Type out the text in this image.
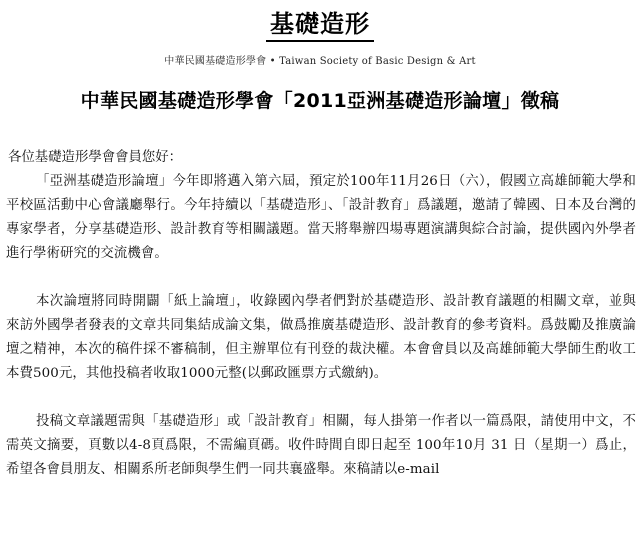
基礎造形
中華民國基礎造形學會 • Taiwan Society of Basic Design & Art
中華民國基礎造形學會「2011亞洲基礎造形論壇」徵稿

各位基礎造形學會會員您好：

「亞洲基礎造形論壇」今年即將邁入第六屆，預定於100年11月26日（六），假國立高雄師範大學和平校區活動中心會議廳舉行。今年持續以「基礎造形」、「設計教育」爲議題，邀請了韓國、日本及台灣的專家學者，分享基礎造形、設計教育等相關議題。當天將舉辦四場專題演講與綜合討論，提供國內外學者進行學術研究的交流機會。

本次論壇將同時開闢「紙上論壇」，收錄國內學者們對於基礎造形、設計教育議題的相關文章，並與來訪外國學者發表的文章共同集結成論文集，做爲推廣基礎造形、設計教育的參考資料。爲鼓勵及推廣論壇之精神，本次的稿件採不審稿制，但主辦單位有刊登的裁決權。本會會員以及高雄師範大學師生酌收工本費500元，其他投稿者收取1000元整(以郵政匯票方式繳納)。

投稿文章議題需與「基礎造形」或「設計教育」相關，每人掛第一作者以一篇爲限，請使用中文，不需英文摘要，頁數以4-8頁爲限，不需編頁碼。收件時間自即日起至 100年10月 31 日（星期一）爲止，希望各會員朋友、相關系所老師與學生們一同共襄盛舉。來稿請以e-mail
